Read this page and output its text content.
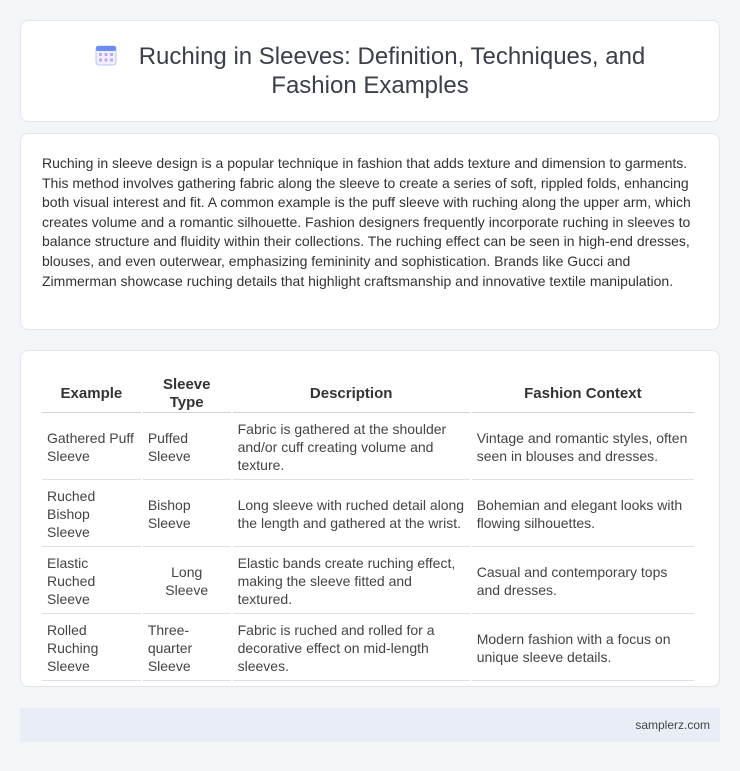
Ruching in Sleeves: Definition, Techniques, and Fashion Examples

Ruching in sleeve design is a popular technique in fashion that adds texture and dimension to garments. This method involves gathering fabric along the sleeve to create a series of soft, rippled folds, enhancing both visual interest and fit. A common example is the puff sleeve with ruching along the upper arm, which creates volume and a romantic silhouette. Fashion designers frequently incorporate ruching in sleeves to balance structure and fluidity within their collections. The ruching effect can be seen in high-end dresses, blouses, and even outerwear, emphasizing femininity and sophistication. Brands like Gucci and Zimmerman showcase ruching details that highlight craftsmanship and innovative textile manipulation.

Example	Sleeve Type	Description	Fashion Context
Gathered Puff Sleeve	Puffed Sleeve	Fabric is gathered at the shoulder and/or cuff creating volume and texture.	Vintage and romantic styles, often seen in blouses and dresses.
Ruched Bishop Sleeve	Bishop Sleeve	Long sleeve with ruched detail along the length and gathered at the wrist.	Bohemian and elegant looks with flowing silhouettes.
Elastic Ruched Sleeve	Long Sleeve	Elastic bands create ruching effect, making the sleeve fitted and textured.	Casual and contemporary tops and dresses.
Rolled Ruching Sleeve	Three-quarter Sleeve	Fabric is ruched and rolled for a decorative effect on mid-length sleeves.	Modern fashion with a focus on unique sleeve details.
samplerz.com
